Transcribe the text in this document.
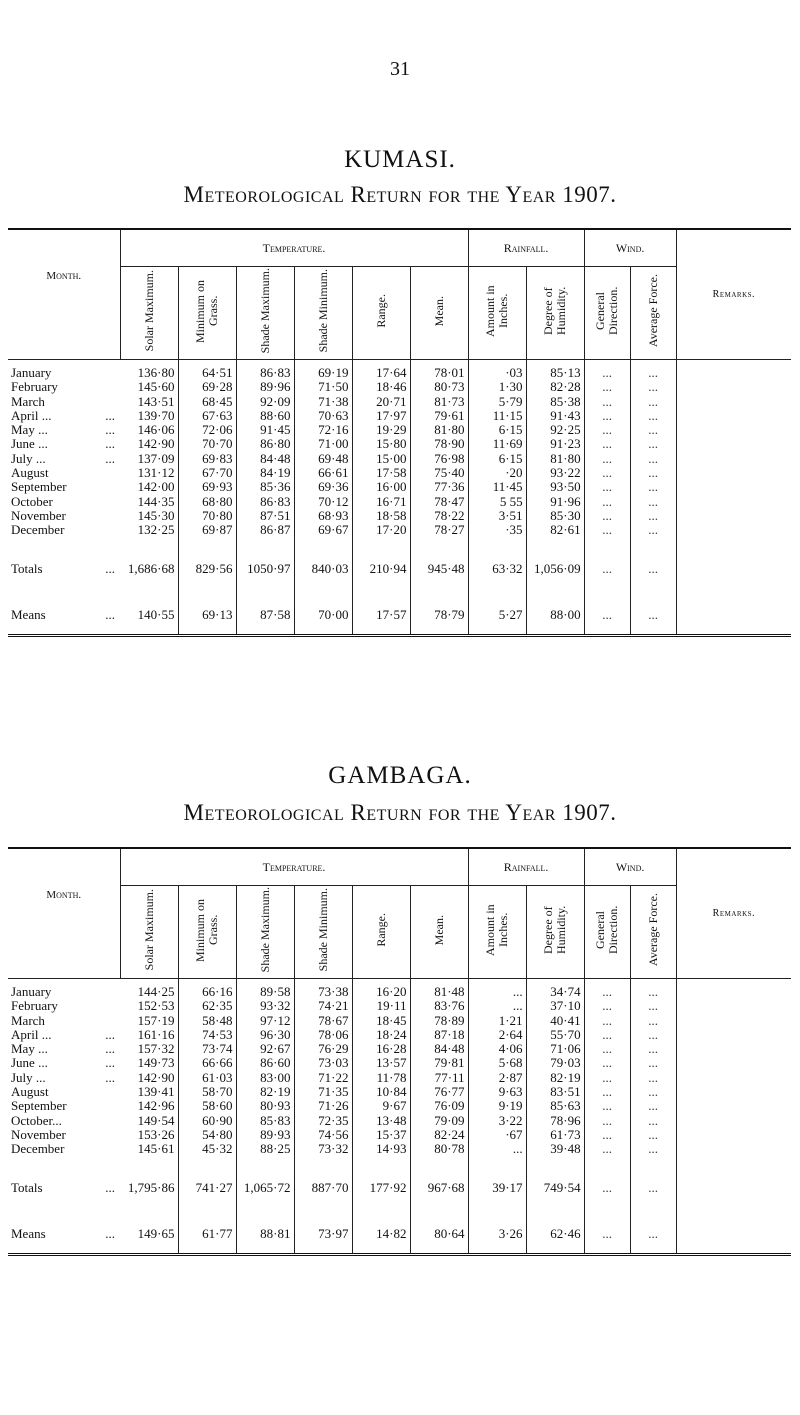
31
KUMASI.
Meteorological Return for the Year 1907.
Month.	Temperature.						Rainfall.		Wind.		Remarks.
	Solar Maximum.	Minimum on Grass.	Shade Maximum.	Shade Minimum.	Range.	Mean.	Amount in Inches.	Degree of Humidity.	General Direction.	Average Force.	

January	136·80	64·51	86·83	69·19	17·64	78·01	·03	85·13	...	...	
February	145·60	69·28	89·96	71·50	18·46	80·73	1·30	82·28	...	...	
March	143·51	68·45	92·09	71·38	20·71	81·73	5·79	85·38	...	...	
April ... ...	139·70	67·63	88·60	70·63	17·97	79·61	11·15	91·43	...	...	
May ... ...	146·06	72·06	91·45	72·16	19·29	81·80	6·15	92·25	...	...	
June ... ...	142·90	70·70	86·80	71·00	15·80	78·90	11·69	91·23	...	...	
July ... ...	137·09	69·83	84·48	69·48	15·00	76·98	6·15	81·80	...	...	
August	131·12	67·70	84·19	66·61	17·58	75·40	·20	93·22	...	...	
September	142·00	69·93	85·36	69·36	16·00	77·36	11·45	93·50	...	...	
October	144·35	68·80	86·83	70·12	16·71	78·47	5 55	91·96	...	...	
November	145·30	70·80	87·51	68·93	18·58	78·22	3·51	85·30	...	...	
December	132·25	69·87	86·87	69·67	17·20	78·27	·35	82·61	...	...	

Totals ...	1,686·68	829·56	1050·97	840·03	210·94	945·48	63·32	1,056·09	...	...	

Means ...	140·55	69·13	87·58	70·00	17·57	78·79	5·27	88·00	...	...	

GAMBAGA.
Meteorological Return for the Year 1907.
Month.	Temperature.						Rainfall.		Wind.		Remarks.
	Solar Maximum.	Minimum on Grass.	Shade Maximum.	Shade Minimum.	Range.	Mean.	Amount in Inches.	Degree of Humidity.	General Direction.	Average Force.	

January	144·25	66·16	89·58	73·38	16·20	81·48	...	34·74	...	...	
February	152·53	62·35	93·32	74·21	19·11	83·76	...	37·10	...	...	
March	157·19	58·48	97·12	78·67	18·45	78·89	1·21	40·41	...	...	
April ... ...	161·16	74·53	96·30	78·06	18·24	87·18	2·64	55·70	...	...	
May ... ...	157·32	73·74	92·67	76·29	16·28	84·48	4·06	71·06	...	...	
June ... ...	149·73	66·66	86·60	73·03	13·57	79·81	5·68	79·03	...	...	
July ... ...	142·90	61·03	83·00	71·22	11·78	77·11	2·87	82·19	...	...	
August	139·41	58·70	82·19	71·35	10·84	76·77	9·63	83·51	...	...	
September	142·96	58·60	80·93	71·26	9·67	76·09	9·19	85·63	...	...	
October...	149·54	60·90	85·83	72·35	13·48	79·09	3·22	78·96	...	...	
November	153·26	54·80	89·93	74·56	15·37	82·24	·67	61·73	...	...	
December	145·61	45·32	88·25	73·32	14·93	80·78	...	39·48	...	...	

Totals ...	1,795·86	741·27	1,065·72	887·70	177·92	967·68	39·17	749·54	...	...	

Means ...	149·65	61·77	88·81	73·97	14·82	80·64	3·26	62·46	...	...	
